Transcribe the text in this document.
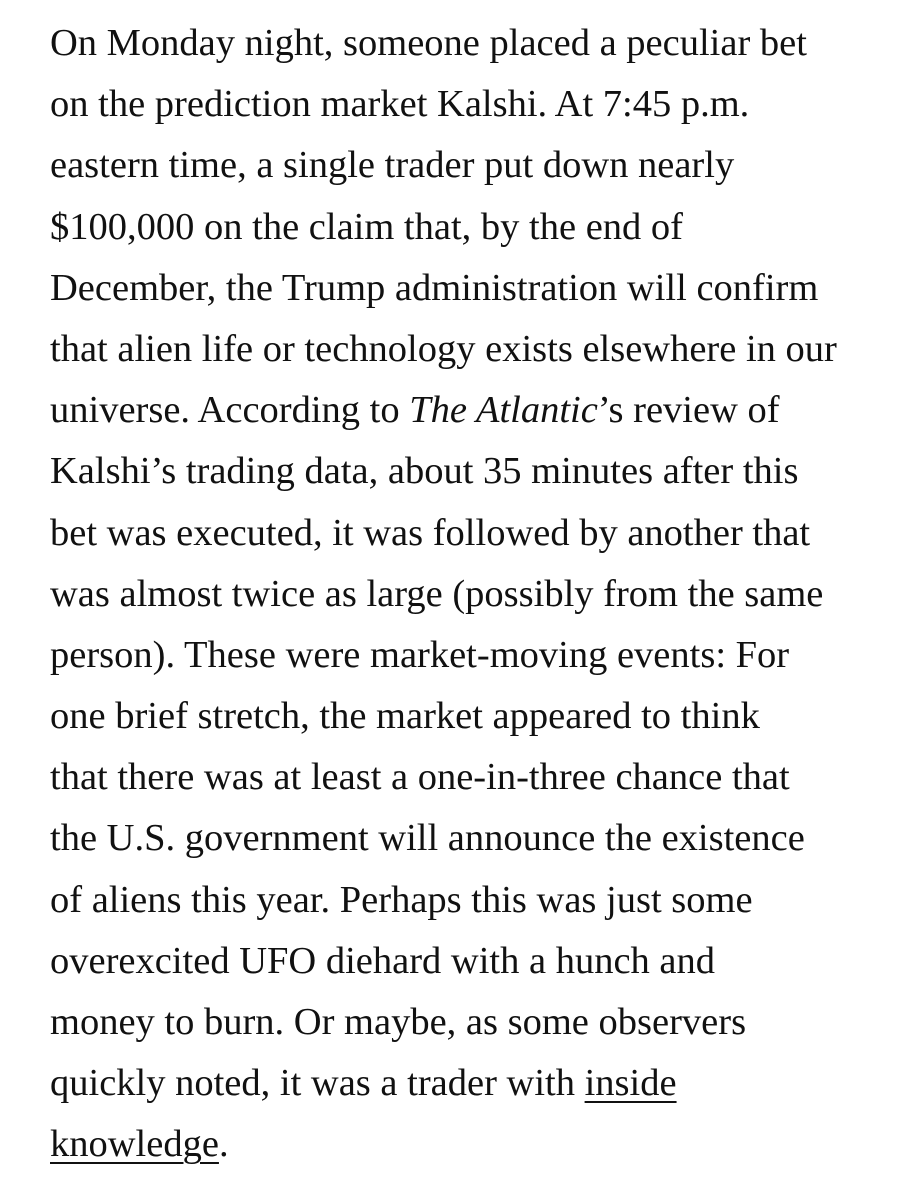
On Monday night, someone placed a peculiar bet
on the prediction market Kalshi. At 7:45 p.m.
eastern time, a single trader put down nearly
$100,000 on the claim that, by the end of
December, the Trump administration will confirm
that alien life or technology exists elsewhere in our
universe. According to The Atlantic’s review of
Kalshi’s trading data, about 35 minutes after this
bet was executed, it was followed by another that
was almost twice as large (possibly from the same
person). These were market-moving events: For
one brief stretch, the market appeared to think
that there was at least a one-in-three chance that
the U.S. government will announce the existence
of aliens this year. Perhaps this was just some
overexcited UFO diehard with a hunch and
money to burn. Or maybe, as some observers
quickly noted, it was a trader with inside
knowledge.
